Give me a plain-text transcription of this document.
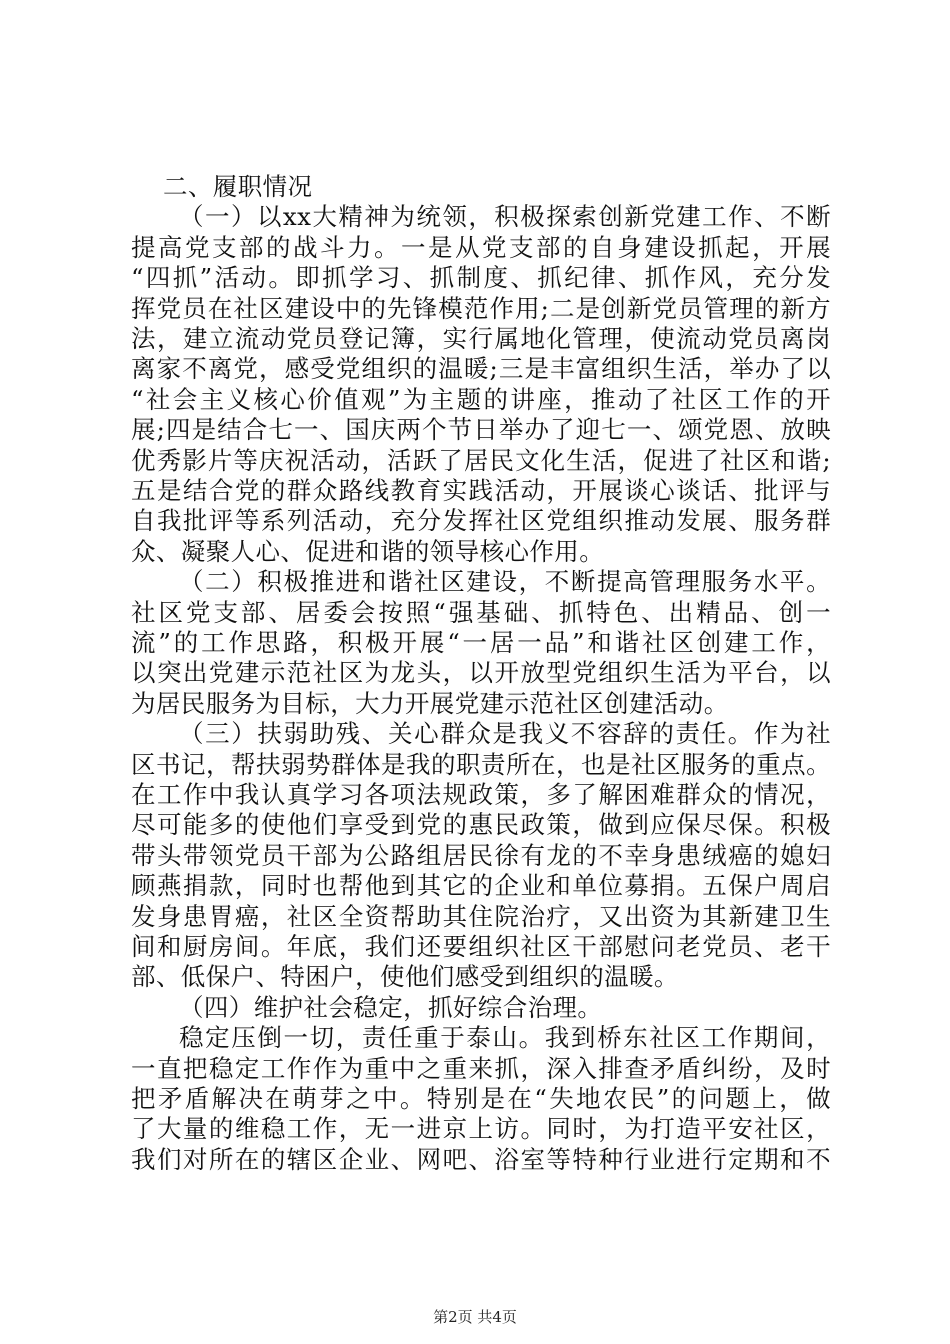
二、履职情况
（一）以xx大精神为统领，积极探索创新党建工作、不断
提高党支部的战斗力。一是从党支部的自身建设抓起，开展
“四抓”活动。即抓学习、抓制度、抓纪律、抓作风，充分发
挥党员在社区建设中的先锋模范作用;二是创新党员管理的新方
法，建立流动党员登记簿，实行属地化管理，使流动党员离岗
离家不离党，感受党组织的温暖;三是丰富组织生活，举办了以
“社会主义核心价值观”为主题的讲座，推动了社区工作的开
展;四是结合七一、国庆两个节日举办了迎七一、颂党恩、放映
优秀影片等庆祝活动，活跃了居民文化生活，促进了社区和谐;
五是结合党的群众路线教育实践活动，开展谈心谈话、批评与
自我批评等系列活动，充分发挥社区党组织推动发展、服务群
众、凝聚人心、促进和谐的领导核心作用。
（二）积极推进和谐社区建设，不断提高管理服务水平。
社区党支部、居委会按照“强基础、抓特色、出精品、创一
流”的工作思路，积极开展“一居一品”和谐社区创建工作，
以突出党建示范社区为龙头，以开放型党组织生活为平台，以
为居民服务为目标，大力开展党建示范社区创建活动。
（三）扶弱助残、关心群众是我义不容辞的责任。作为社
区书记，帮扶弱势群体是我的职责所在，也是社区服务的重点。
在工作中我认真学习各项法规政策，多了解困难群众的情况，
尽可能多的使他们享受到党的惠民政策，做到应保尽保。积极
带头带领党员干部为公路组居民徐有龙的不幸身患绒癌的媳妇
顾燕捐款，同时也帮他到其它的企业和单位募捐。五保户周启
发身患胃癌，社区全资帮助其住院治疗，又出资为其新建卫生
间和厨房间。年底，我们还要组织社区干部慰问老党员、老干
部、低保户、特困户，使他们感受到组织的温暖。
（四）维护社会稳定，抓好综合治理。
稳定压倒一切，责任重于泰山。我到桥东社区工作期间，
一直把稳定工作作为重中之重来抓，深入排查矛盾纠纷，及时
把矛盾解决在萌芽之中。特别是在“失地农民”的问题上，做
了大量的维稳工作，无一进京上访。同时，为打造平安社区，
我们对所在的辖区企业、网吧、浴室等特种行业进行定期和不
第2页 共4页
